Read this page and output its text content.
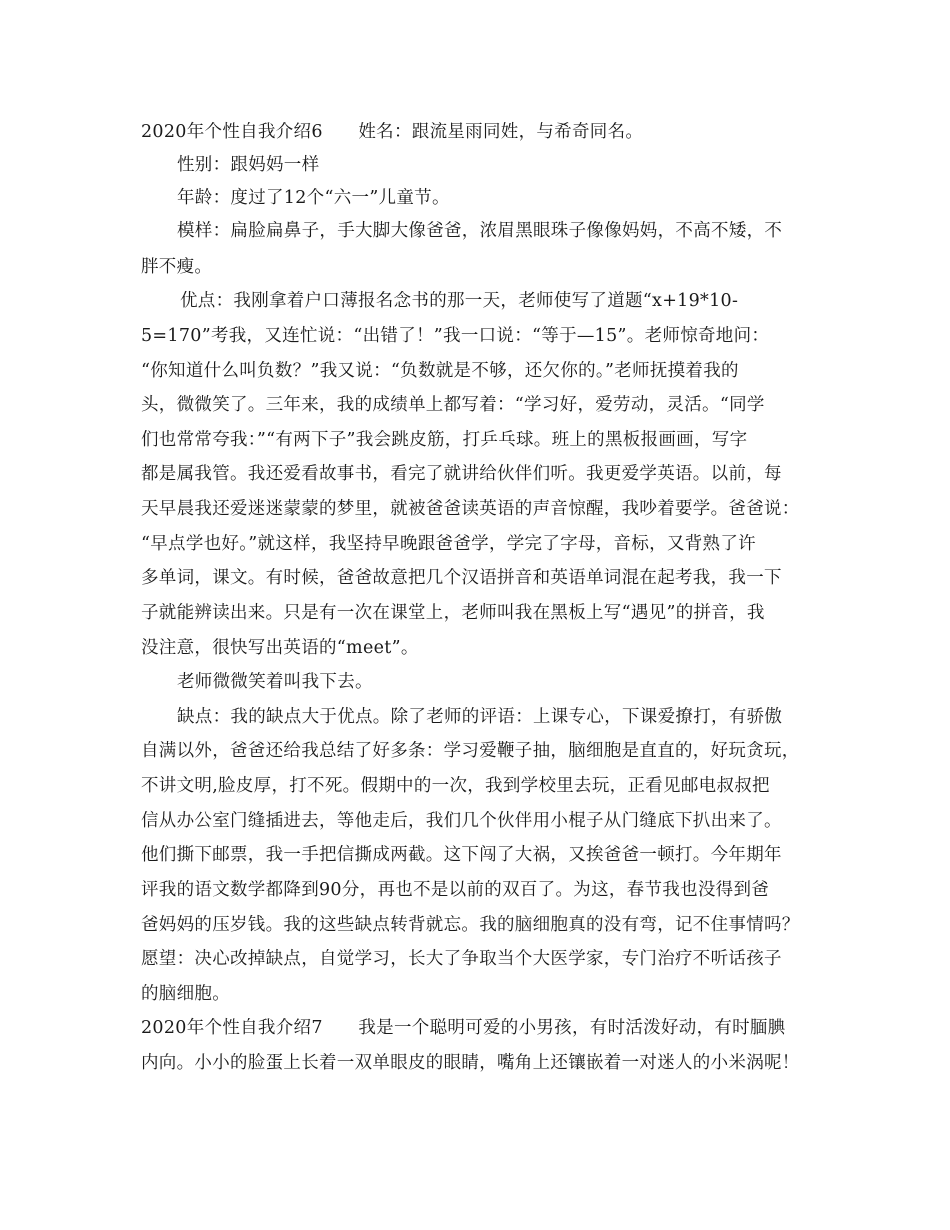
2020年个性自我介绍6　　姓名：跟流星雨同姓，与希奇同名。
性别：跟妈妈一样
年龄：度过了12个“六一”儿童节。
模样：扁脸扁鼻子，手大脚大像爸爸，浓眉黑眼珠子像像妈妈，不高不矮，不
胖不瘦。
优点：我刚拿着户口薄报名念书的那一天，老师使写了道题“x+19*10-
5=170”考我，又连忙说：“出错了！”我一口说：“等于—15”。老师惊奇地问：
“你知道什么叫负数？”我又说：“负数就是不够，还欠你的。”老师抚摸着我的
头，微微笑了。三年来，我的成绩单上都写着：“学习好，爱劳动，灵活。“同学
们也常常夸我：”“有两下子”我会跳皮筋，打乒乓球。班上的黑板报画画，写字
都是属我管。我还爱看故事书，看完了就讲给伙伴们听。我更爱学英语。以前，每
天早晨我还爱迷迷蒙蒙的梦里，就被爸爸读英语的声音惊醒，我吵着要学。爸爸说：
“早点学也好。”就这样，我坚持早晚跟爸爸学，学完了字母，音标，又背熟了许
多单词，课文。有时候，爸爸故意把几个汉语拼音和英语单词混在起考我，我一下
子就能辨读出来。只是有一次在课堂上，老师叫我在黑板上写“遇见”的拼音，我
没注意，很快写出英语的“meet”。
老师微微笑着叫我下去。
缺点：我的缺点大于优点。除了老师的评语：上课专心，下课爱撩打，有骄傲
自满以外，爸爸还给我总结了好多条：学习爱鞭子抽，脑细胞是直直的，好玩贪玩，
不讲文明,脸皮厚，打不死。假期中的一次，我到学校里去玩，正看见邮电叔叔把
信从办公室门缝插进去，等他走后，我们几个伙伴用小棍子从门缝底下扒出来了。
他们撕下邮票，我一手把信撕成两截。这下闯了大祸，又挨爸爸一顿打。今年期年
评我的语文数学都降到90分，再也不是以前的双百了。为这，春节我也没得到爸
爸妈妈的压岁钱。我的这些缺点转背就忘。我的脑细胞真的没有弯，记不住事情吗？
愿望：决心改掉缺点，自觉学习，长大了争取当个大医学家，专门治疗不听话孩子
的脑细胞。
2020年个性自我介绍7　　我是一个聪明可爱的小男孩，有时活泼好动，有时腼腆
内向。小小的脸蛋上长着一双单眼皮的眼睛，嘴角上还镶嵌着一对迷人的小米涡呢！
